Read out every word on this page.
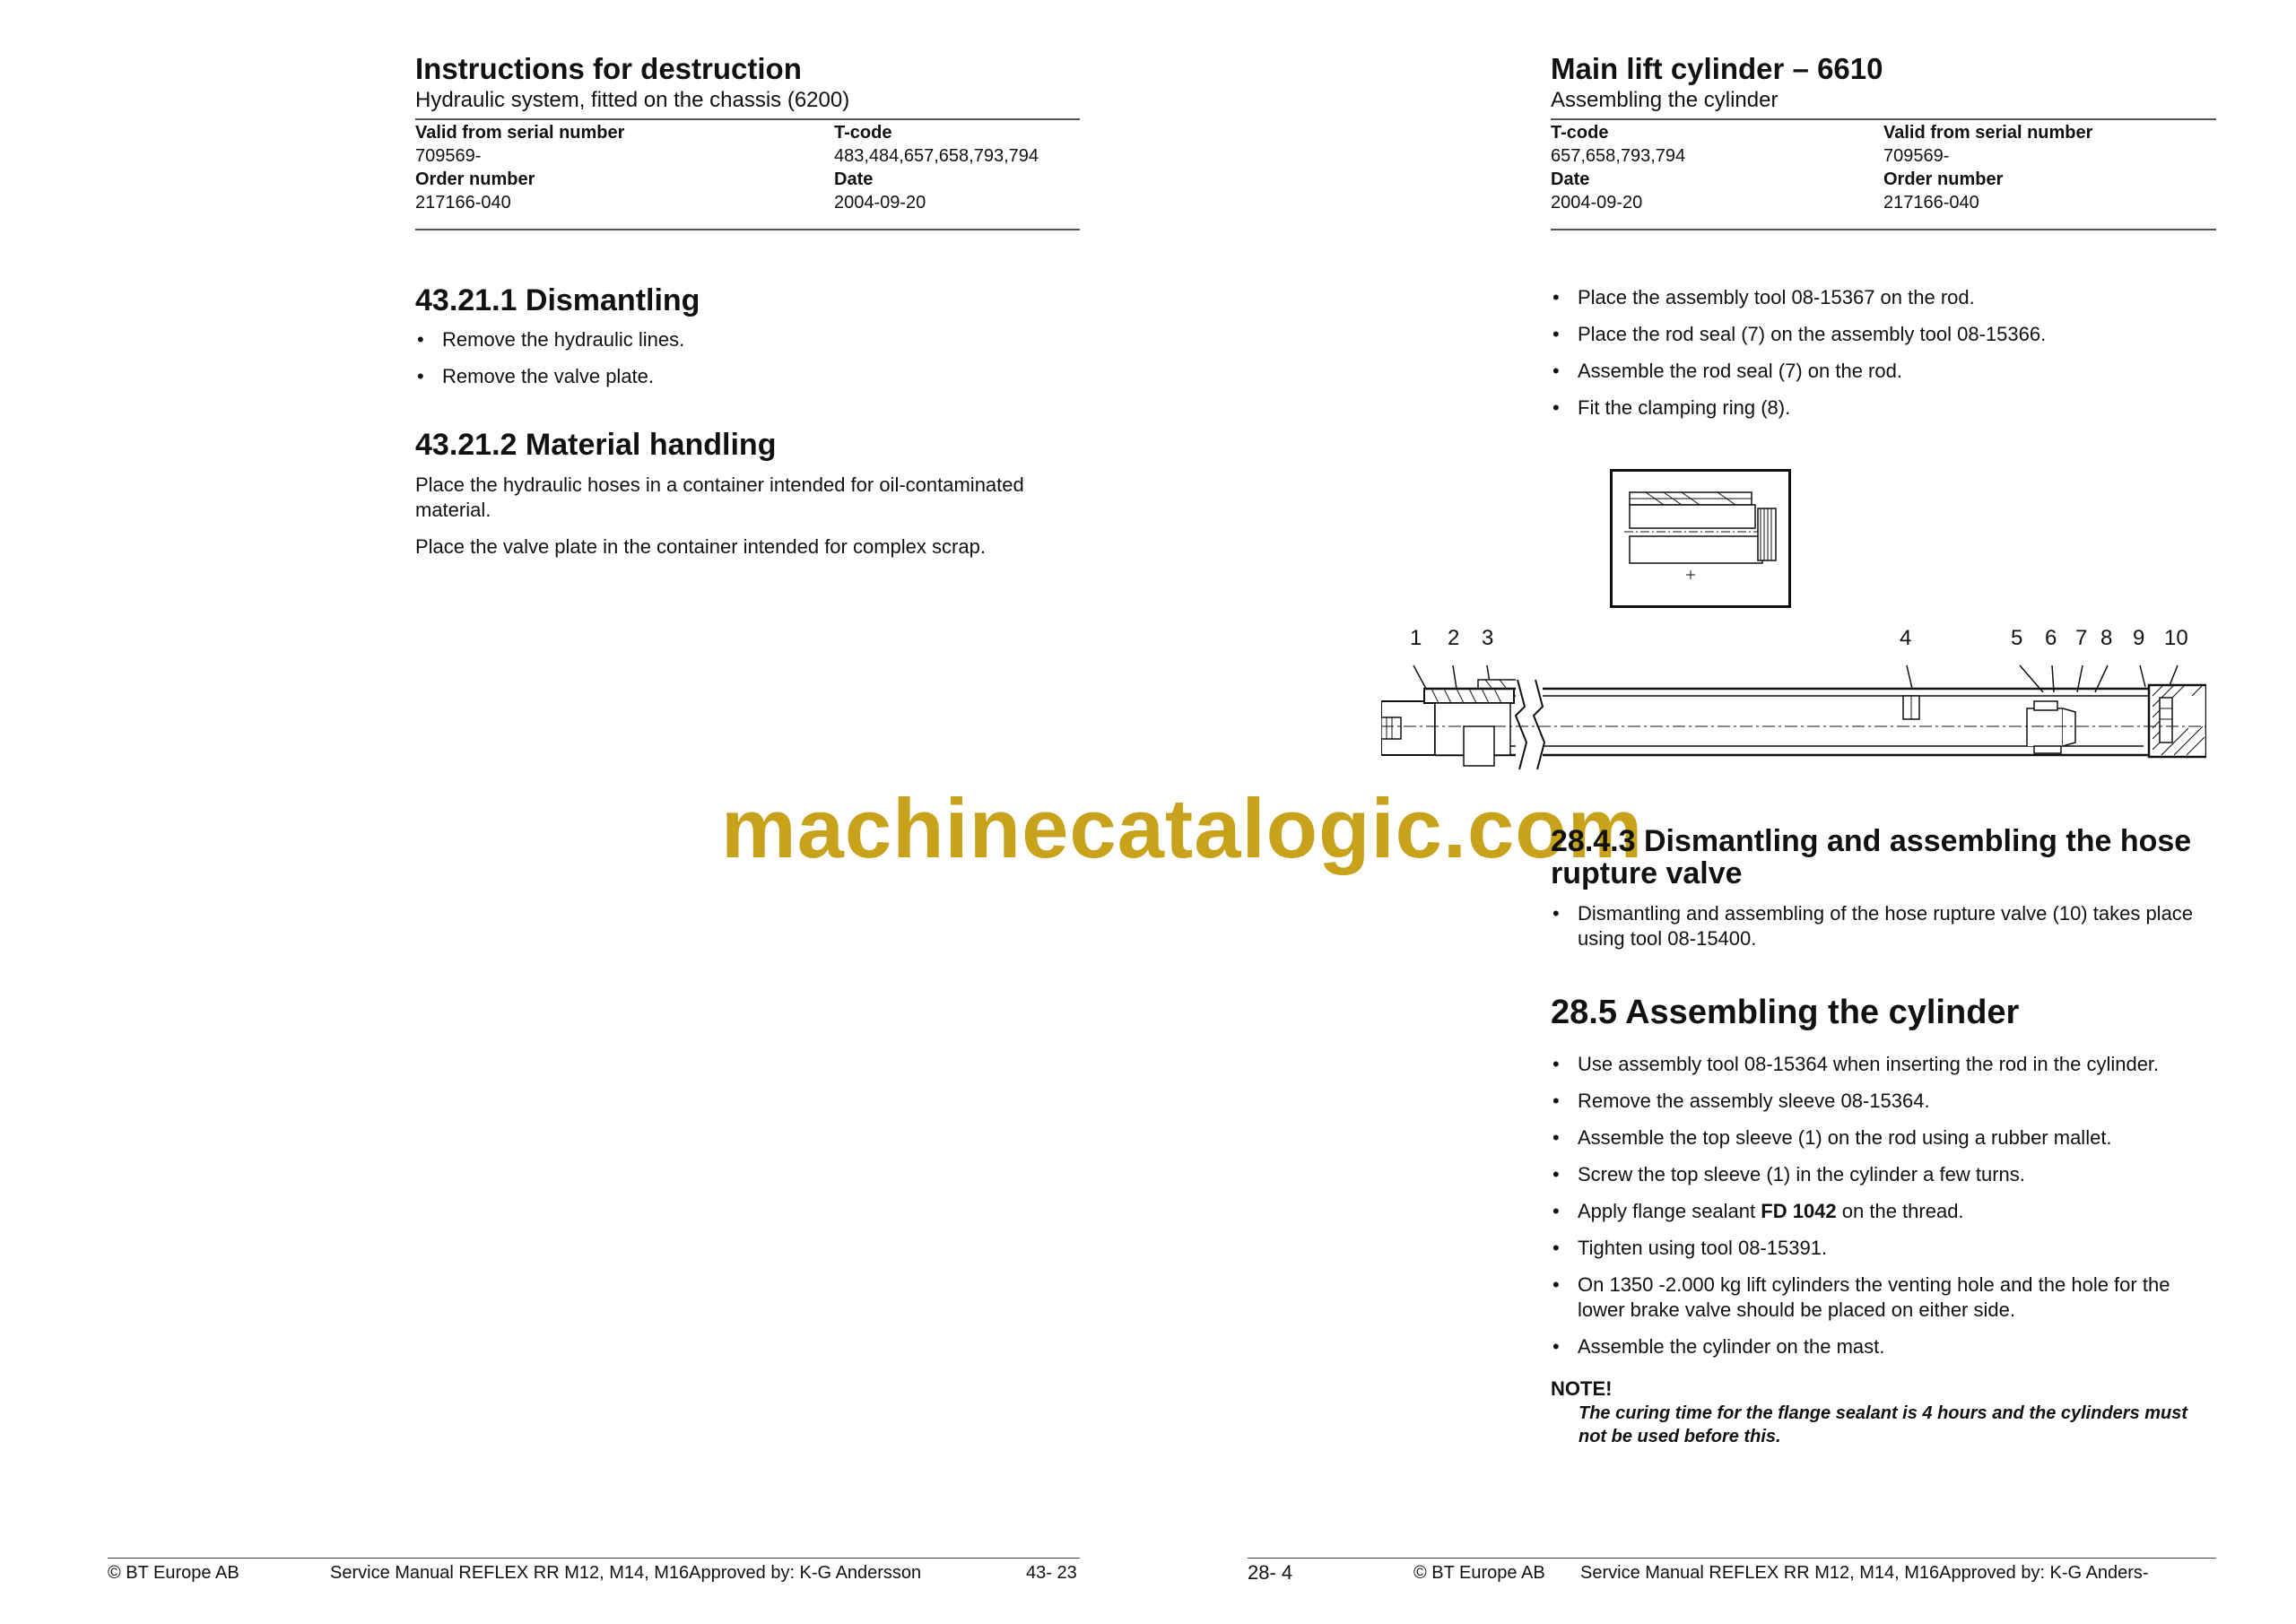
Instructions for destruction
Hydraulic system, fitted on the chassis (6200)
Valid from serial number
709569-
Order number
217166-040
T-code
483,484,657,658,793,794
Date
2004-09-20
43.21.1 Dismantling
• Remove the hydraulic lines.
• Remove the valve plate.
43.21.2 Material handling
Place the hydraulic hoses in a container intended for oil-contaminated material.
Place the valve plate in the container intended for complex scrap.
© BT Europe AB	Service Manual REFLEX RR M12, M14, M16Approved by: K-G Andersson	43- 23
Main lift cylinder – 6610
Assembling the cylinder
T-code
657,658,793,794
Date
2004-09-20
Valid from serial number
709569-
Order number
217166-040
• Place the assembly tool 08-15367 on the rod.
• Place the rod seal (7) on the assembly tool 08-15366.
• Assemble the rod seal (7) on the rod.
• Fit the clamping ring (8).
1 2 3	4	5 6 7 8 9 10
machinecatalogic.com
28.4.3 Dismantling and assembling the hose rupture valve
• Dismantling and assembling of the hose rupture valve (10) takes place using tool 08-15400.
28.5 Assembling the cylinder
• Use assembly tool 08-15364 when inserting the rod in the cylinder.
• Remove the assembly sleeve 08-15364.
• Assemble the top sleeve (1) on the rod using a rubber mallet.
• Screw the top sleeve (1) in the cylinder a few turns.
• Apply flange sealant FD 1042 on the thread.
• Tighten using tool 08-15391.
• On 1350 -2.000 kg lift cylinders the venting hole and the hole for the lower brake valve should be placed on either side.
• Assemble the cylinder on the mast.
NOTE!
The curing time for the flange sealant is 4 hours and the cylinders must not be used before this.
28- 4	© BT Europe AB Service Manual REFLEX RR M12, M14, M16Approved by: K-G Anders-
